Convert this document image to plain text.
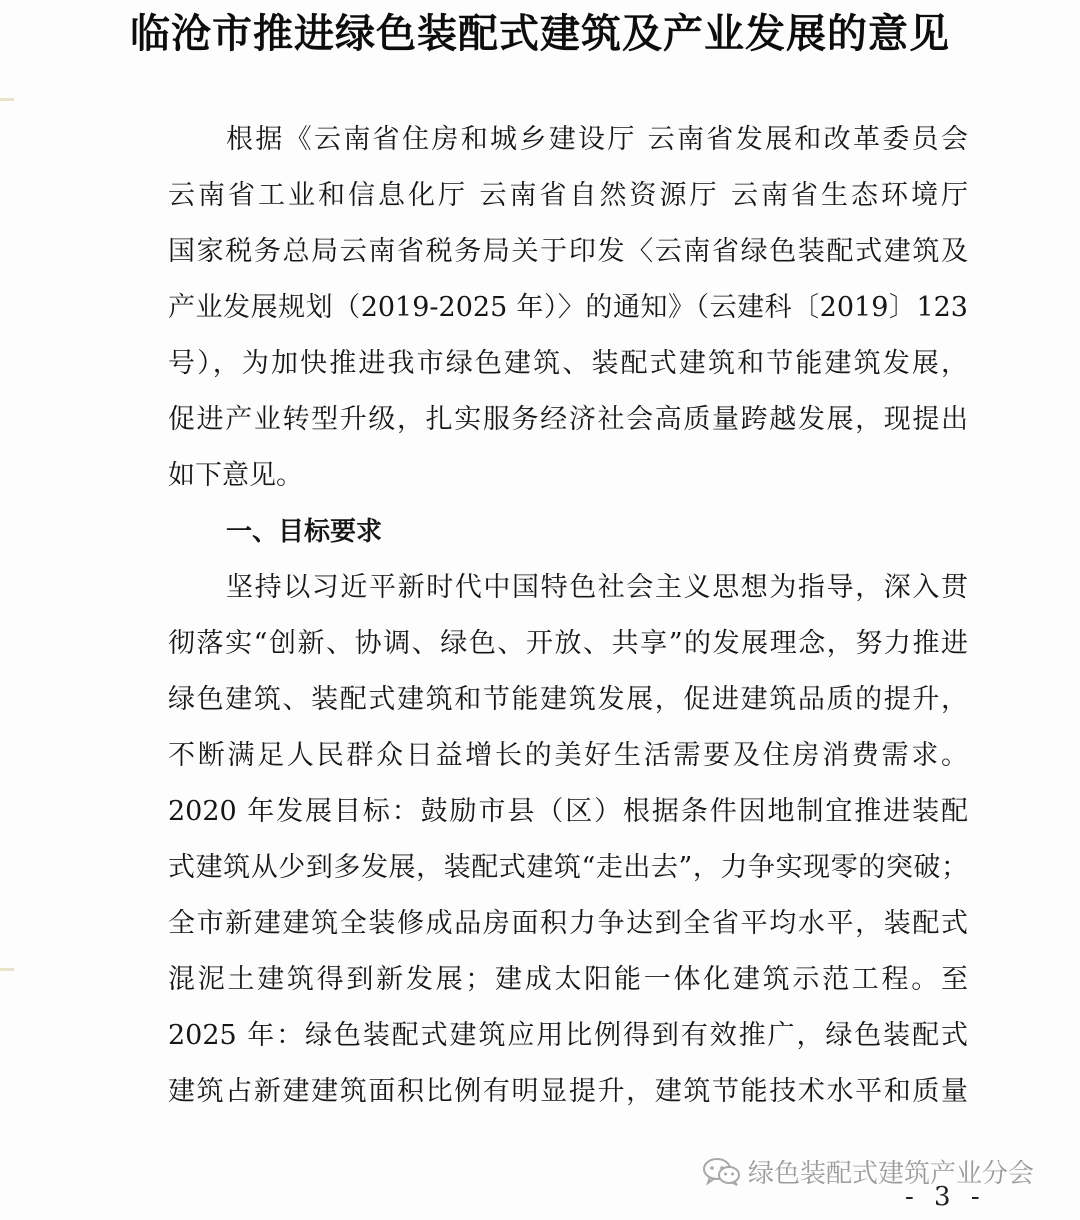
临沧市推进绿色装配式建筑及产业发展的意见
根据《云南省住房和城乡建设厅 云南省发展和改革委员会
云南省工业和信息化厅 云南省自然资源厅 云南省生态环境厅
国家税务总局云南省税务局关于印发〈云南省绿色装配式建筑及
产业发展规划（2019-2025 年）〉的通知》（云建科〔2019〕123
号），为加快推进我市绿色建筑、装配式建筑和节能建筑发展，
促进产业转型升级，扎实服务经济社会高质量跨越发展，现提出
如下意见。
一、目标要求
坚持以习近平新时代中国特色社会主义思想为指导，深入贯
彻落实“创新、协调、绿色、开放、共享”的发展理念，努力推进
绿色建筑、装配式建筑和节能建筑发展，促进建筑品质的提升，
不断满足人民群众日益增长的美好生活需要及住房消费需求。
2020 年发展目标：鼓励市县（区）根据条件因地制宜推进装配
式建筑从少到多发展，装配式建筑“走出去”，力争实现零的突破；
全市新建建筑全装修成品房面积力争达到全省平均水平，装配式
混泥土建筑得到新发展；建成太阳能一体化建筑示范工程。至
2025 年：绿色装配式建筑应用比例得到有效推广，绿色装配式
建筑占新建建筑面积比例有明显提升，建筑节能技术水平和质量
绿色装配式建筑产业分会
- 3 -
